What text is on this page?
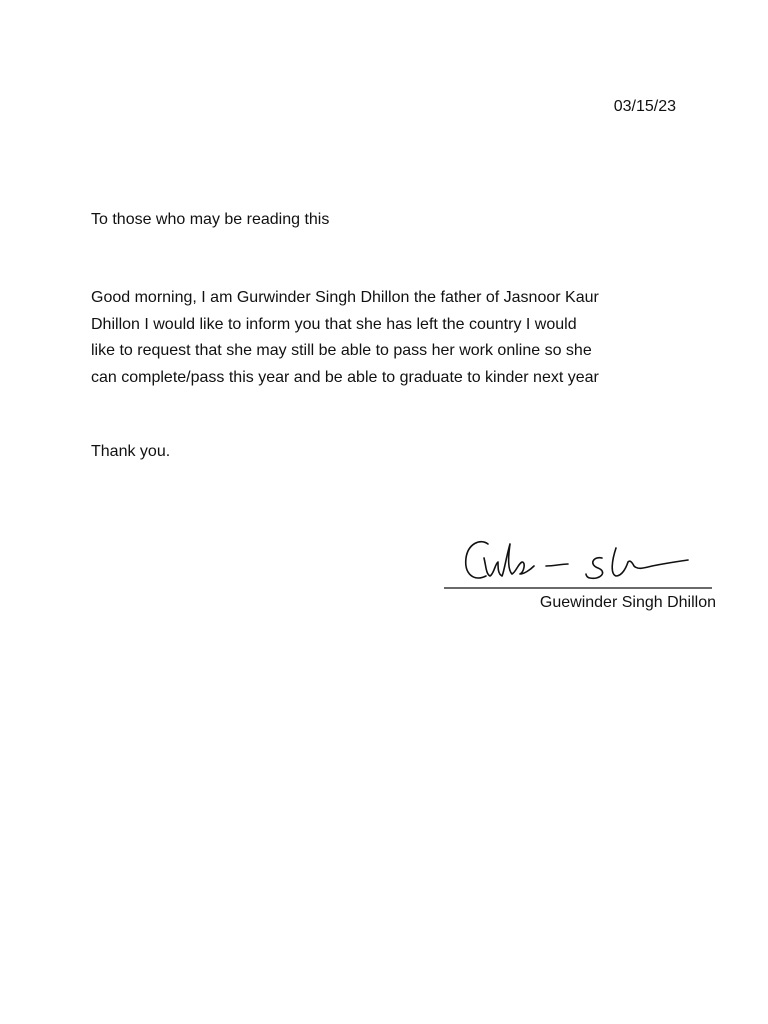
03/15/23
To those who may be reading this
Good morning, I am Gurwinder Singh Dhillon the father of Jasnoor Kaur
Dhillon I would like to inform you that she has left the country I would
like to request that she may still be able to pass her work online so she
can complete/pass this year and be able to graduate to kinder next year
Thank you.
Guewinder Singh Dhillon
